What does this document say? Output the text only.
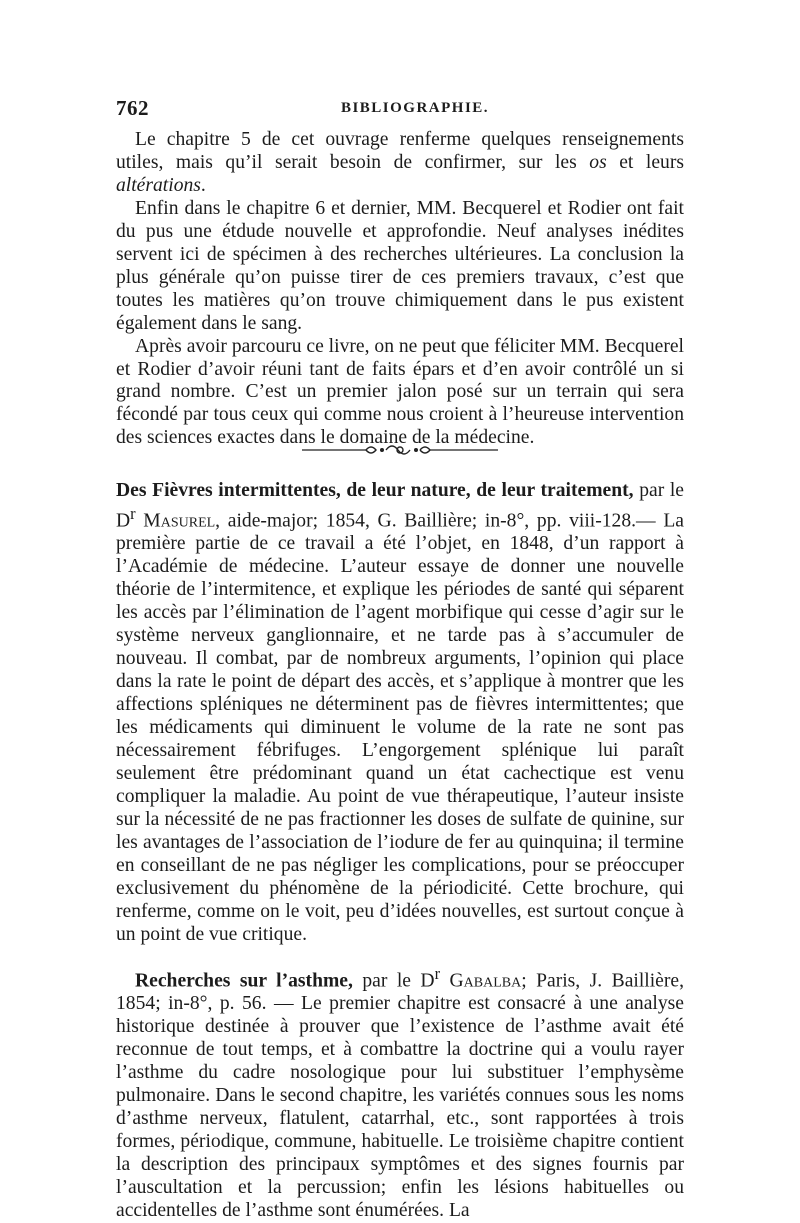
762	BIBLIOGRAPHIE.

Le chapitre 5 de cet ouvrage renferme quelques renseignements utiles, mais qu’il serait besoin de confirmer, sur les os et leurs altérations.

Enfin dans le chapitre 6 et dernier, MM. Becquerel et Rodier ont fait du pus une étdude nouvelle et approfondie. Neuf analyses inédites servent ici de spécimen à des recherches ultérieures. La conclusion la plus générale qu’on puisse tirer de ces premiers travaux, c’est que toutes les matières qu’on trouve chimiquement dans le pus existent également dans le sang.

Après avoir parcouru ce livre, on ne peut que féliciter MM. Becquerel et Rodier d’avoir réuni tant de faits épars et d’en avoir contrôlé un si grand nombre. C’est un premier jalon posé sur un terrain qui sera fécondé par tous ceux qui comme nous croient à l’heureuse intervention des sciences exactes dans le domaine de la médecine.

Des Fièvres intermittentes, de leur nature, de leur traitement, par le $D^r$ Masurel, aide-major; 1854, G. Baillière; in-8°, pp. viii-128.— La première partie de ce travail a été l’objet, en 1848, d’un rapport à l’Académie de médecine. L’auteur essaye de donner une nouvelle théorie de l’intermitence, et explique les périodes de santé qui séparent les accès par l’élimination de l’agent morbifique qui cesse d’agir sur le système nerveux ganglionnaire, et ne tarde pas à s’accumuler de nouveau. Il combat, par de nombreux arguments, l’opinion qui place dans la rate le point de départ des accès, et s’applique à montrer que les affections spléniques ne déterminent pas de fièvres intermittentes; que les médicaments qui diminuent le volume de la rate ne sont pas nécessairement fébrifuges. L’engorgement splénique lui paraît seulement être prédominant quand un état cachectique est venu compliquer la maladie. Au point de vue thérapeutique, l’auteur insiste sur la nécessité de ne pas fractionner les doses de sulfate de quinine, sur les avantages de l’association de l’iodure de fer au quinquina; il termine en conseillant de ne pas négliger les complications, pour se préoccuper exclusivement du phénomène de la périodicité. Cette brochure, qui renferme, comme on le voit, peu d’idées nouvelles, est surtout conçue à un point de vue critique.

Recherches sur l’asthme, par le $D^r$ Gabalba; Paris, J. Baillière, 1854; in-8°, p. 56. — Le premier chapitre est consacré à une analyse historique destinée à prouver que l’existence de l’asthme avait été reconnue de tout temps, et à combattre la doctrine qui a voulu rayer l’asthme du cadre nosologique pour lui substituer l’emphysème pulmonaire. Dans le second chapitre, les variétés connues sous les noms d’asthme nerveux, flatulent, catarrhal, etc., sont rapportées à trois formes, périodique, commune, habituelle. Le troisième chapitre contient la description des principaux symptômes et des signes fournis par l’auscultation et la percussion; enfin les lésions habituelles ou accidentelles de l’asthme sont énumérées. La
